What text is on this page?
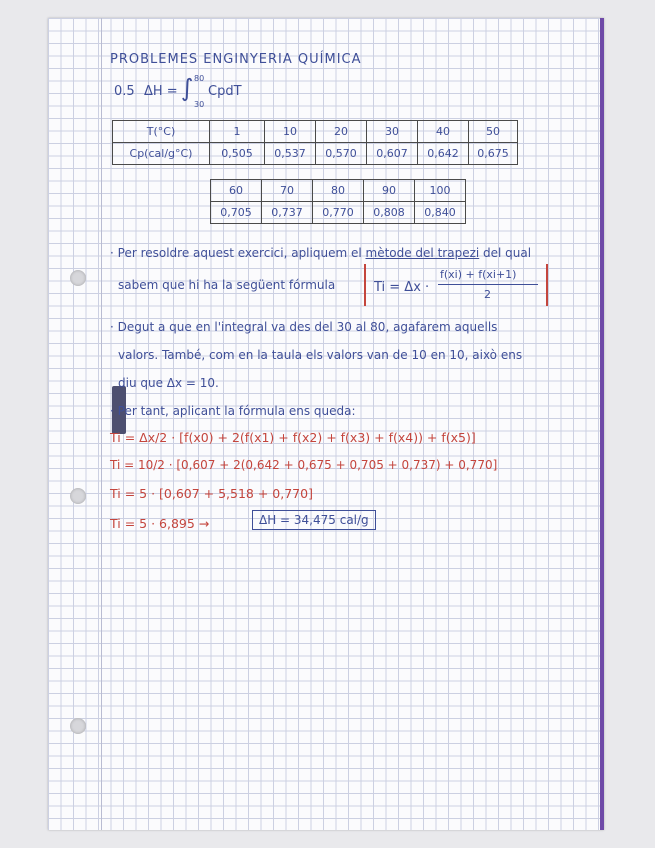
PROBLEMES ENGINYERIA QUÍMICA
0.5 ΔH = ∫ 80
30
CpdT
T(°C)	1	10	20	30	40	50
Cp(cal/g°C)	0,505	0,537	0,570	0,607	0,642	0,675
60	70	80	90	100
0,705	0,737	0,770	0,808	0,840
· Per resoldre aquest exercici, apliquem el mètode del trapezi del qual
sabem que hi ha la següent fórmula	Ti = Δx ·
f(xi) + f(xi+1)
2
· Degut a que en l'integral va des del 30 al 80, agafarem aquells
valors. També, com en la taula els valors van de 10 en 10, això ens
diu que Δx = 10.
· Per tant, aplicant la fórmula ens queda:
Ti = Δx/2 · [f(x0) + 2(f(x1) + f(x2) + f(x3) + f(x4)) + f(x5)]
Ti = 10/2 · [0,607 + 2(0,642 + 0,675 + 0,705 + 0,737) + 0,770]
Ti = 5 · [0,607 + 5,518 + 0,770]
Ti = 5 · 6,895 →	ΔH = 34,475 cal/g
